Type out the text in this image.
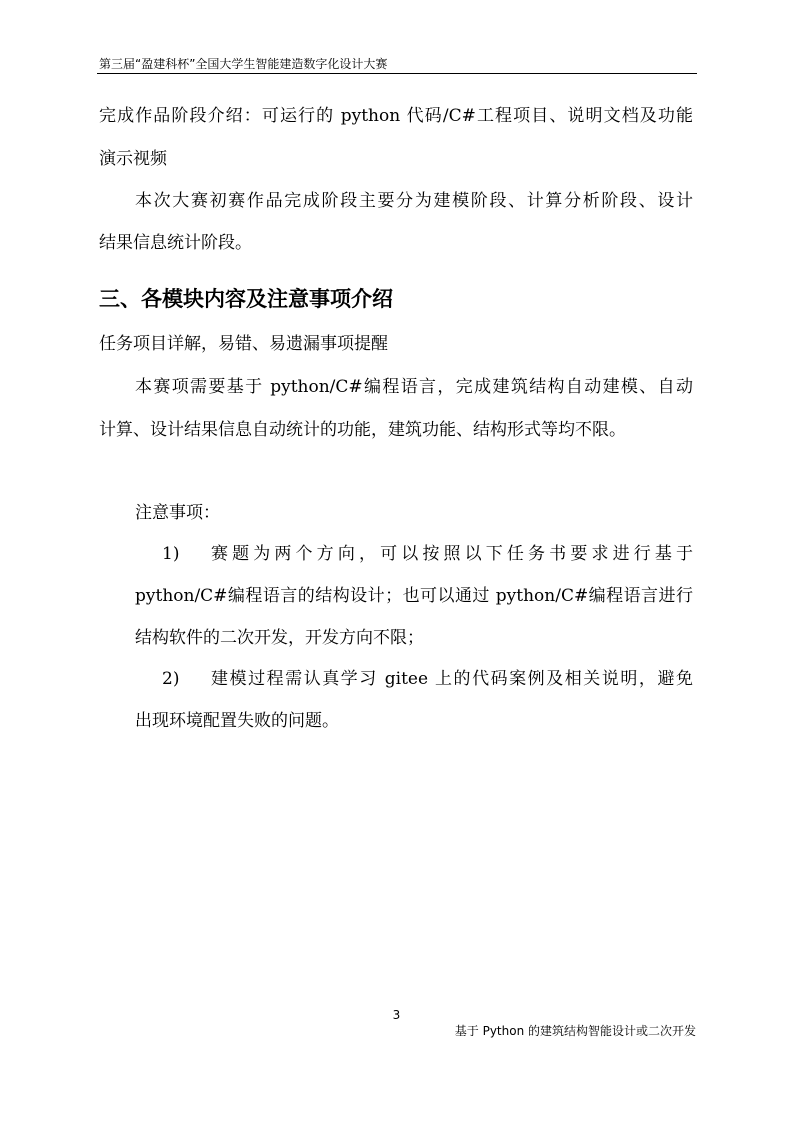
第三届“盈建科杯”全国大学生智能建造数字化设计大赛
完成作品阶段介绍：可运行的 python 代码/C#工程项目、说明文档及功能
演示视频
本次大赛初赛作品完成阶段主要分为建模阶段、计算分析阶段、设计
结果信息统计阶段。
三、各模块内容及注意事项介绍
任务项目详解，易错、易遗漏事项提醒
本赛项需要基于 python/C#编程语言，完成建筑结构自动建模、自动
计算、设计结果信息自动统计的功能，建筑功能、结构形式等均不限。
注意事项：
1) 赛题为两个方向，可以按照以下任务书要求进行基于
python/C#编程语言的结构设计；也可以通过 python/C#编程语言进行
结构软件的二次开发，开发方向不限；
2) 建模过程需认真学习 gitee 上的代码案例及相关说明，避免
出现环境配置失败的问题。
3
基于 Python 的建筑结构智能设计或二次开发
